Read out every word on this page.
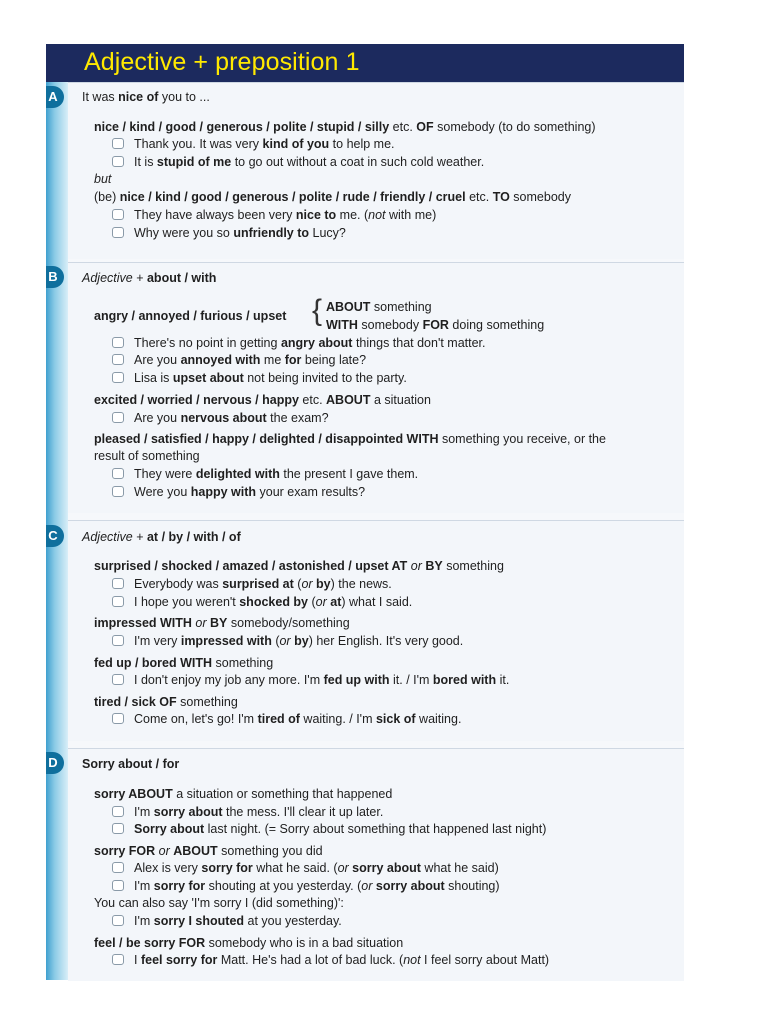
Adjective + preposition 1
It was nice of you to ...
nice / kind / good / generous / polite / stupid / silly etc. OF somebody (to do something)
Thank you. It was very kind of you to help me.
It is stupid of me to go out without a coat in such cold weather.
but
(be) nice / kind / good / generous / polite / rude / friendly / cruel etc. TO somebody
They have always been very nice to me. (not with me)
Why were you so unfriendly to Lucy?
A
Adjective + about / with
angry / annoyed / furious / upset { ABOUT something
WITH somebody FOR doing something
There's no point in getting angry about things that don't matter.
Are you annoyed with me for being late?
Lisa is upset about not being invited to the party.
excited / worried / nervous / happy etc. ABOUT a situation
Are you nervous about the exam?
pleased / satisfied / happy / delighted / disappointed WITH something you receive, or the
result of something
They were delighted with the present I gave them.
Were you happy with your exam results?
B
Adjective + at / by / with / of
surprised / shocked / amazed / astonished / upset AT or BY something
Everybody was surprised at (or by) the news.
I hope you weren't shocked by (or at) what I said.
impressed WITH or BY somebody/something
I'm very impressed with (or by) her English. It's very good.
fed up / bored WITH something
I don't enjoy my job any more. I'm fed up with it. / I'm bored with it.
tired / sick OF something
Come on, let's go! I'm tired of waiting. / I'm sick of waiting.
C
Sorry about / for
sorry ABOUT a situation or something that happened
I'm sorry about the mess. I'll clear it up later.
Sorry about last night. (= Sorry about something that happened last night)
sorry FOR or ABOUT something you did
Alex is very sorry for what he said. (or sorry about what he said)
I'm sorry for shouting at you yesterday. (or sorry about shouting)
You can also say 'I'm sorry I (did something)':
I'm sorry I shouted at you yesterday.
feel / be sorry FOR somebody who is in a bad situation
I feel sorry for Matt. He's had a lot of bad luck. (not I feel sorry about Matt)
D
